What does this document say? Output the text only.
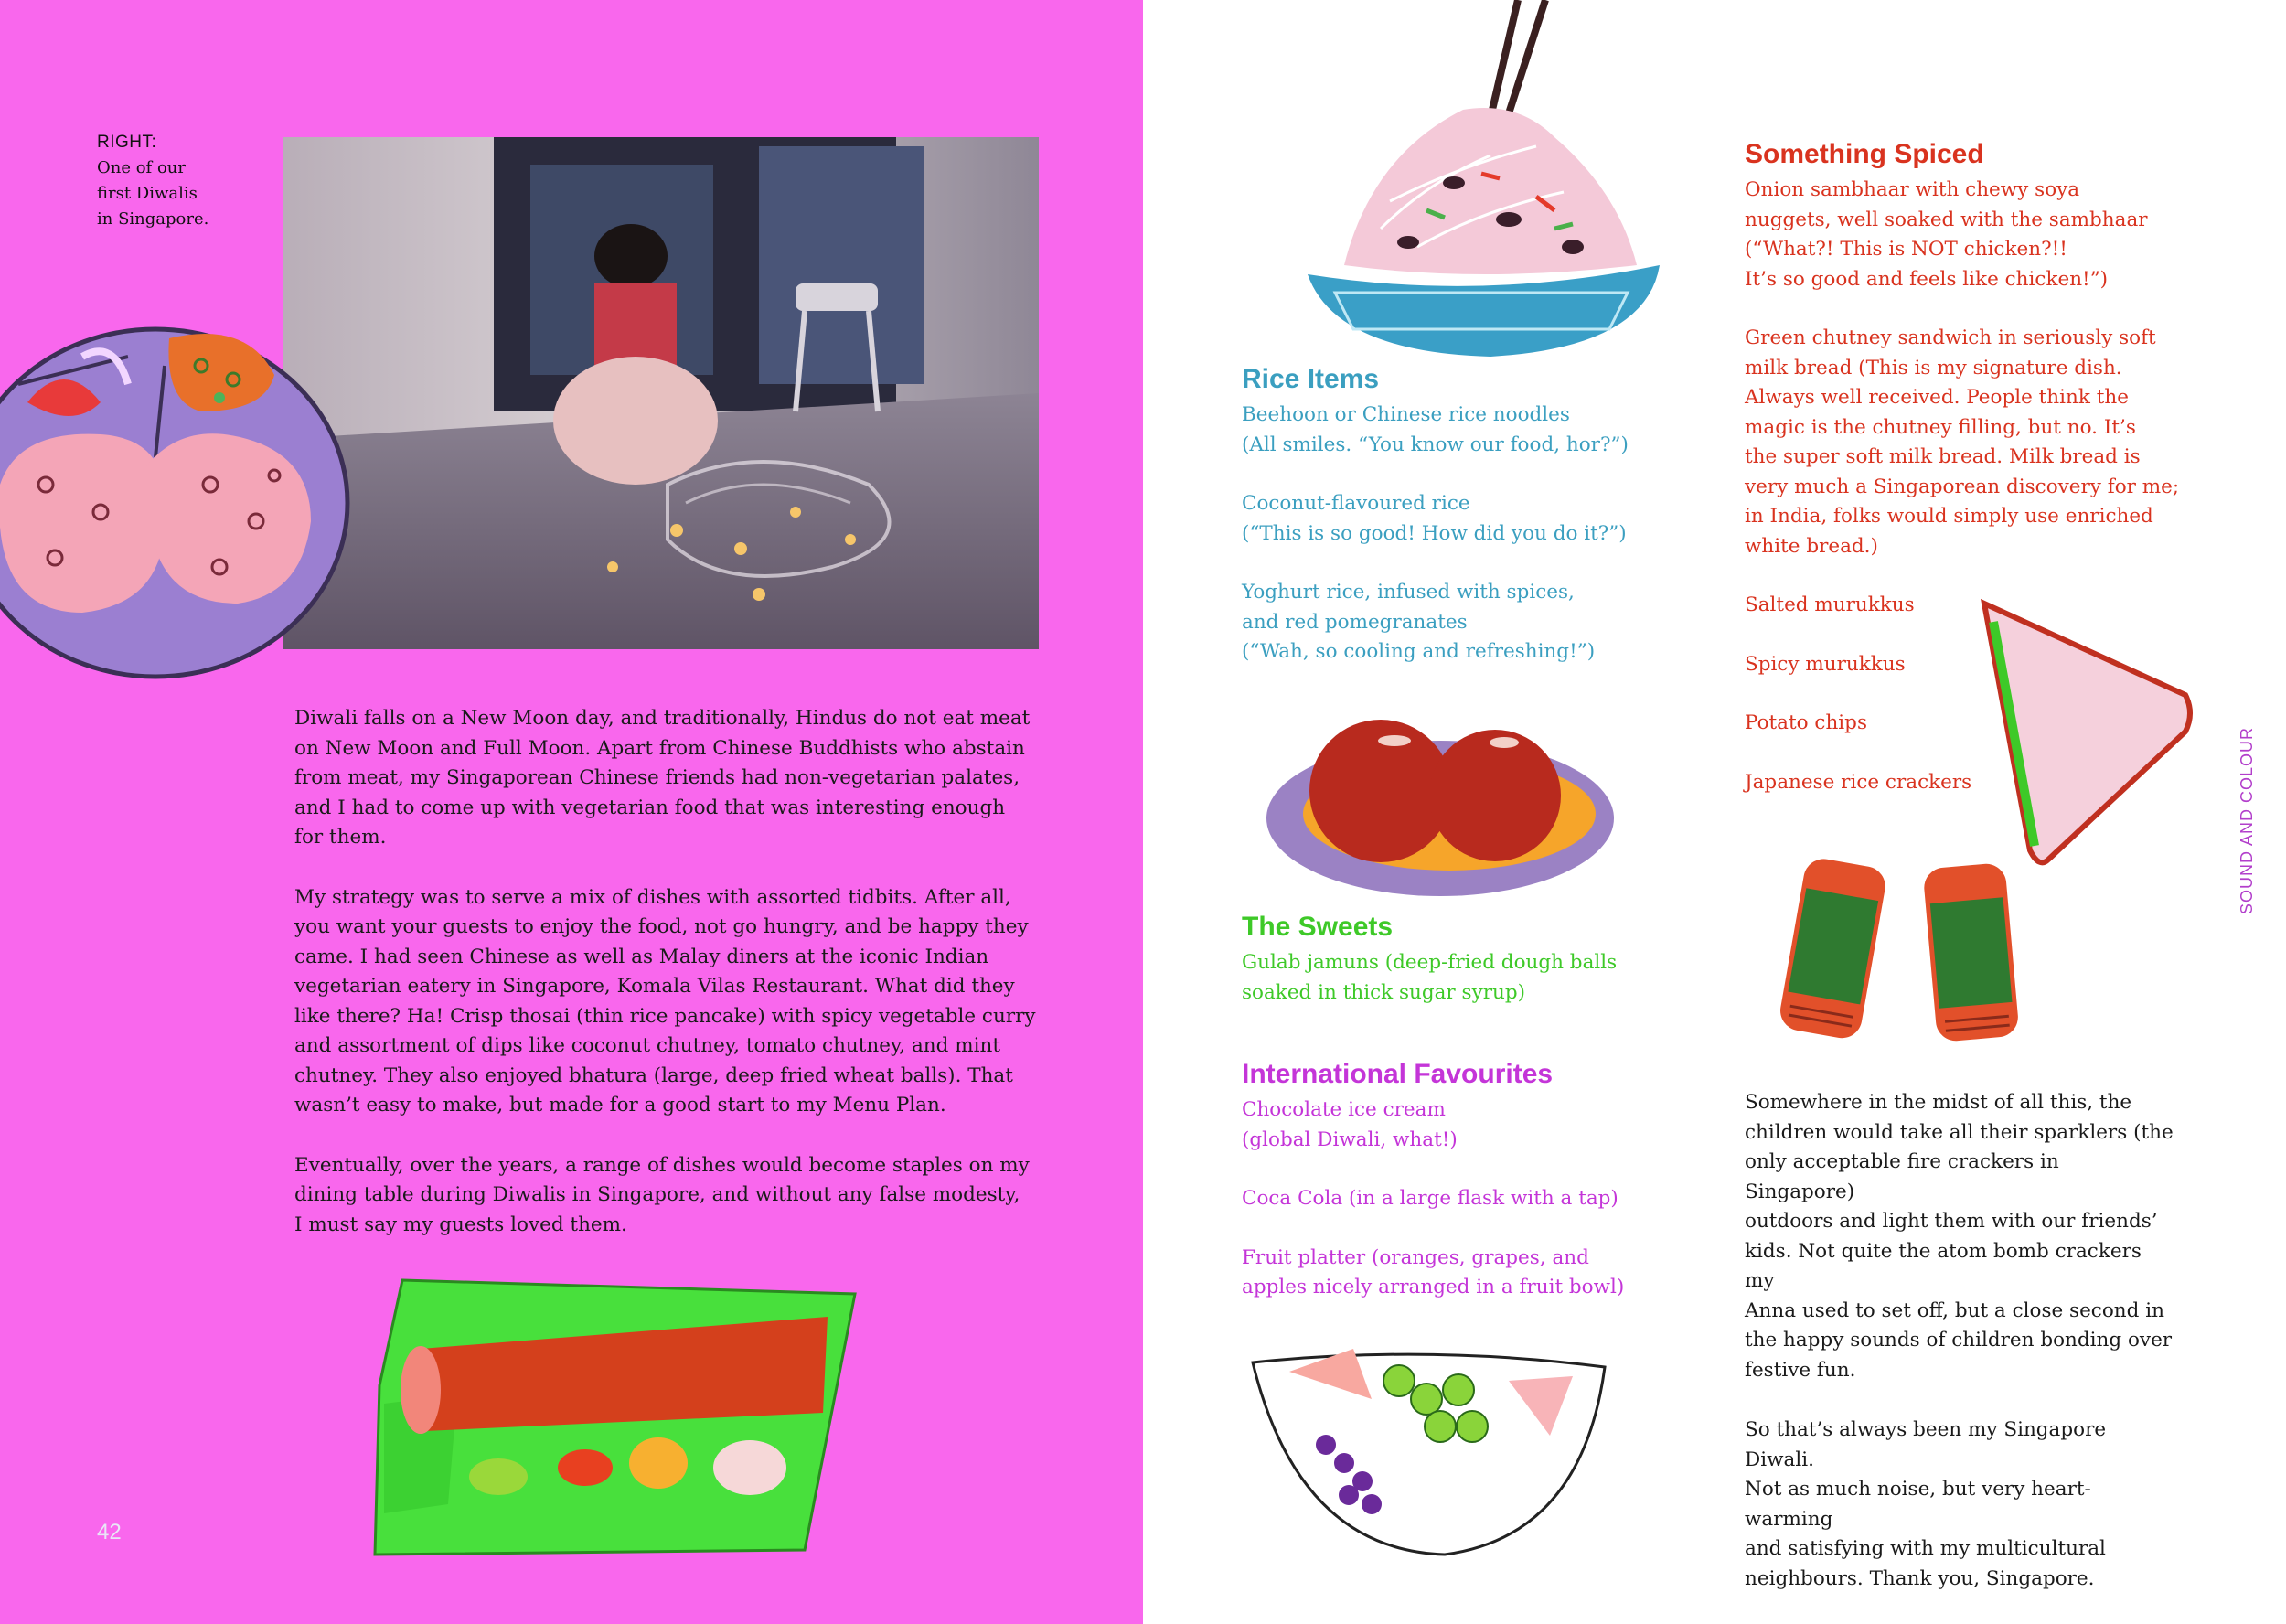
RIGHT:
One of our
first Diwalis
in Singapore.

Diwali falls on a New Moon day, and traditionally, Hindus do not eat meat
on New Moon and Full Moon. Apart from Chinese Buddhists who abstain
from meat, my Singaporean Chinese friends had non-vegetarian palates,
and I had to come up with vegetarian food that was interesting enough
for them.

My strategy was to serve a mix of dishes with assorted tidbits. After all,
you want your guests to enjoy the food, not go hungry, and be happy they
came. I had seen Chinese as well as Malay diners at the iconic Indian
vegetarian eatery in Singapore, Komala Vilas Restaurant. What did they
like there? Ha! Crisp thosai (thin rice pancake) with spicy vegetable curry
and assortment of dips like coconut chutney, tomato chutney, and mint
chutney. They also enjoyed bhatura (large, deep fried wheat balls). That
wasn’t easy to make, but made for a good start to my Menu Plan.

Eventually, over the years, a range of dishes would become staples on my
dining table during Diwalis in Singapore, and without any false modesty,
I must say my guests loved them.

42
Rice Items
Beehoon or Chinese rice noodles
(All smiles. “You know our food, hor?”)
Coconut-flavoured rice
(“This is so good! How did you do it?”)
Yoghurt rice, infused with spices,
and red pomegranates
(“Wah, so cooling and refreshing!”)
The Sweets
Gulab jamuns (deep-fried dough balls
soaked in thick sugar syrup)
International Favourites
Chocolate ice cream
(global Diwali, what!)
Coca Cola (in a large flask with a tap)
Fruit platter (oranges, grapes, and
apples nicely arranged in a fruit bowl)
Something Spiced
Onion sambhaar with chewy soya
nuggets, well soaked with the sambhaar
(“What?! This is NOT chicken?!!
It’s so good and feels like chicken!”)
Green chutney sandwich in seriously soft
milk bread (This is my signature dish.
Always well received. People think the
magic is the chutney filling, but no. It’s
the super soft milk bread. Milk bread is
very much a Singaporean discovery for me;
in India, folks would simply use enriched
white bread.)
Salted murukkus
Spicy murukkus
Potato chips
Japanese rice crackers

Somewhere in the midst of all this, the
children would take all their sparklers (the
only acceptable fire crackers in Singapore)
outdoors and light them with our friends’
kids. Not quite the atom bomb crackers my
Anna used to set off, but a close second in
the happy sounds of children bonding over
festive fun.

So that’s always been my Singapore Diwali.
Not as much noise, but very heart-warming
and satisfying with my multicultural
neighbours. Thank you, Singapore.

SOUND AND COLOUR
